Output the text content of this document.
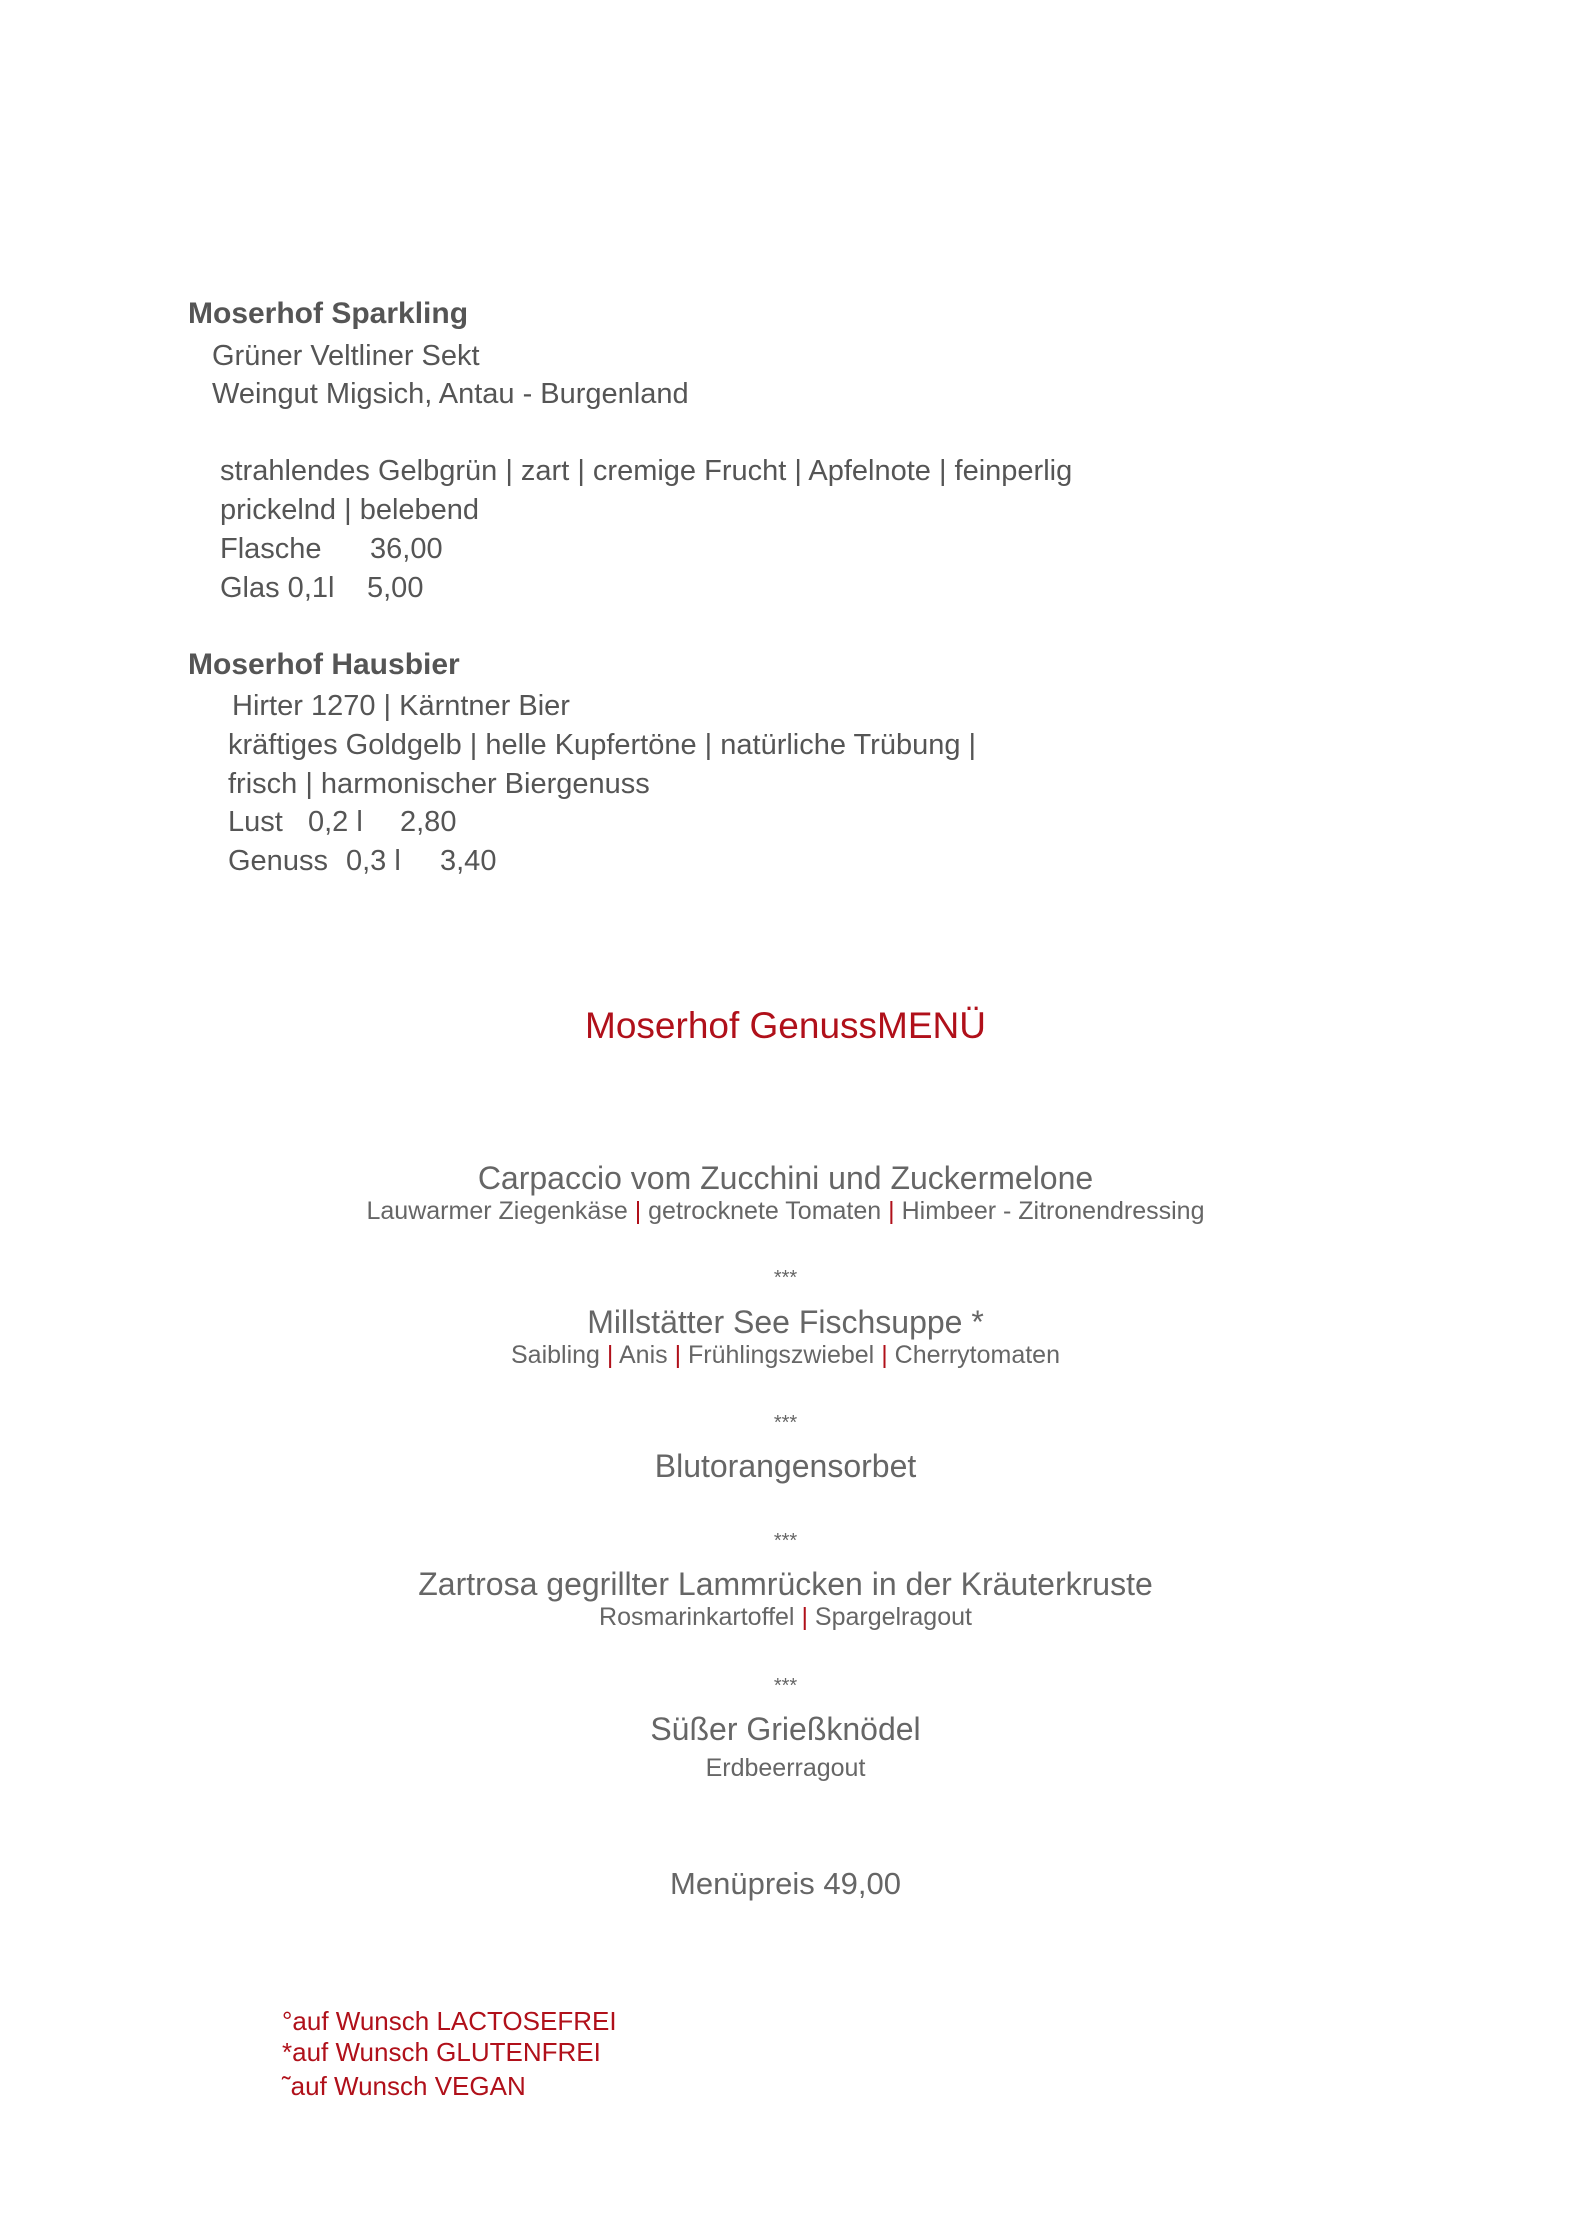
Moserhof Sparkling
Grüner Veltliner Sekt
Weingut Migsich, Antau - Burgenland
strahlendes Gelbgrün | zart | cremige Frucht | Apfelnote | feinperlig
prickelnd | belebend
Flasche 36,00
Glas 0,1l 5,00
Moserhof Hausbier
Hirter 1270 | Kärntner Bier
kräftiges Goldgelb | helle Kupfertöne | natürliche Trübung |
frisch | harmonischer Biergenuss
Lust 0,2 l 2,80
Genuss 0,3 l 3,40
Moserhof GenussMENÜ
Carpaccio vom Zucchini und Zuckermelone
Lauwarmer Ziegenkäse | getrocknete Tomaten | Himbeer - Zitronendressing
***
Millstätter See Fischsuppe *
Saibling | Anis | Frühlingszwiebel | Cherrytomaten
***
Blutorangensorbet
***
Zartrosa gegrillter Lammrücken in der Kräuterkruste
Rosmarinkartoffel | Spargelragout
***
Süßer Grießknödel
Erdbeerragout
Menüpreis 49,00
°auf Wunsch LACTOSEFREI
*auf Wunsch GLUTENFREI
˜auf Wunsch VEGAN
